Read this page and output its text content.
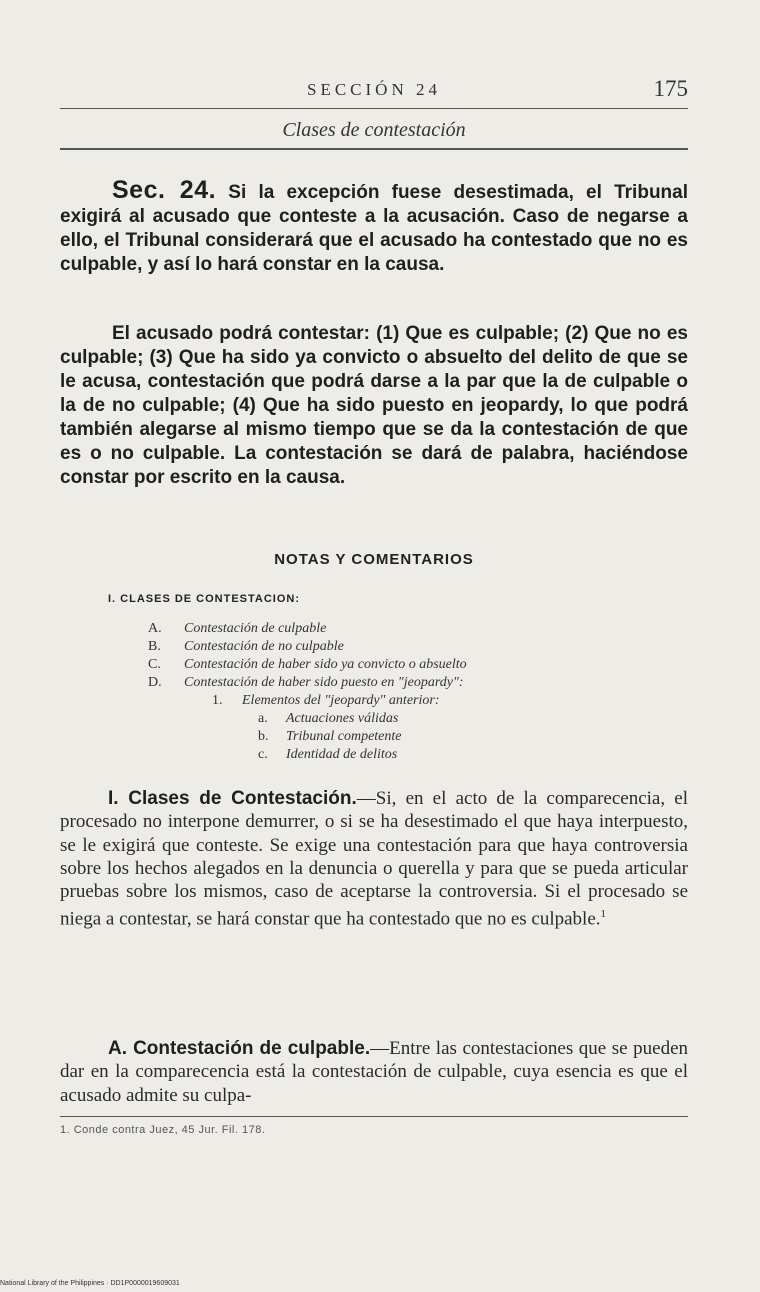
SECCIÓN 24	175
Clases de contestación

Sec. 24. Si la excepción fuese desestimada, el Tribunal exigirá al acusado que conteste a la acusación. Caso de negarse a ello, el Tribunal considerará que el acusado ha contestado que no es culpable, y así lo hará constar en la causa.

El acusado podrá contestar: (1) Que es culpable; (2) Que no es culpable; (3) Que ha sido ya convicto o absuelto del delito de que se le acusa, contestación que podrá darse a la par que la de culpable o la de no culpable; (4) Que ha sido puesto en jeopardy, lo que podrá también alegarse al mismo tiempo que se da la contestación de que es o no culpable. La contestación se dará de palabra, haciéndose constar por escrito en la causa.

NOTAS Y COMENTARIOS
I. CLASES DE CONTESTACION:
A. Contestación de culpable
B. Contestación de no culpable
C. Contestación de haber sido ya convicto o absuelto
D. Contestación de haber sido puesto en "jeopardy":
1. Elementos del "jeopardy" anterior:
a. Actuaciones válidas
b. Tribunal competente
c. Identidad de delitos

I. Clases de Contestación.—Si, en el acto de la comparecencia, el procesado no interpone demurrer, o si se ha desestimado el que haya interpuesto, se le exigirá que conteste. Se exige una contestación para que haya controversia sobre los hechos alegados en la denuncia o querella y para que se pueda articular pruebas sobre los mismos, caso de aceptarse la controversia. Si el procesado se niega a contestar, se hará constar que ha contestado que no es culpable.$^1$

A. Contestación de culpable.—Entre las contestaciones que se pueden dar en la comparecencia está la contestación de culpable, cuya esencia es que el acusado admite su culpa-

1. Conde contra Juez, 45 Jur. Fil. 178.
National Library of the Philippines · DD1P0000019609031
